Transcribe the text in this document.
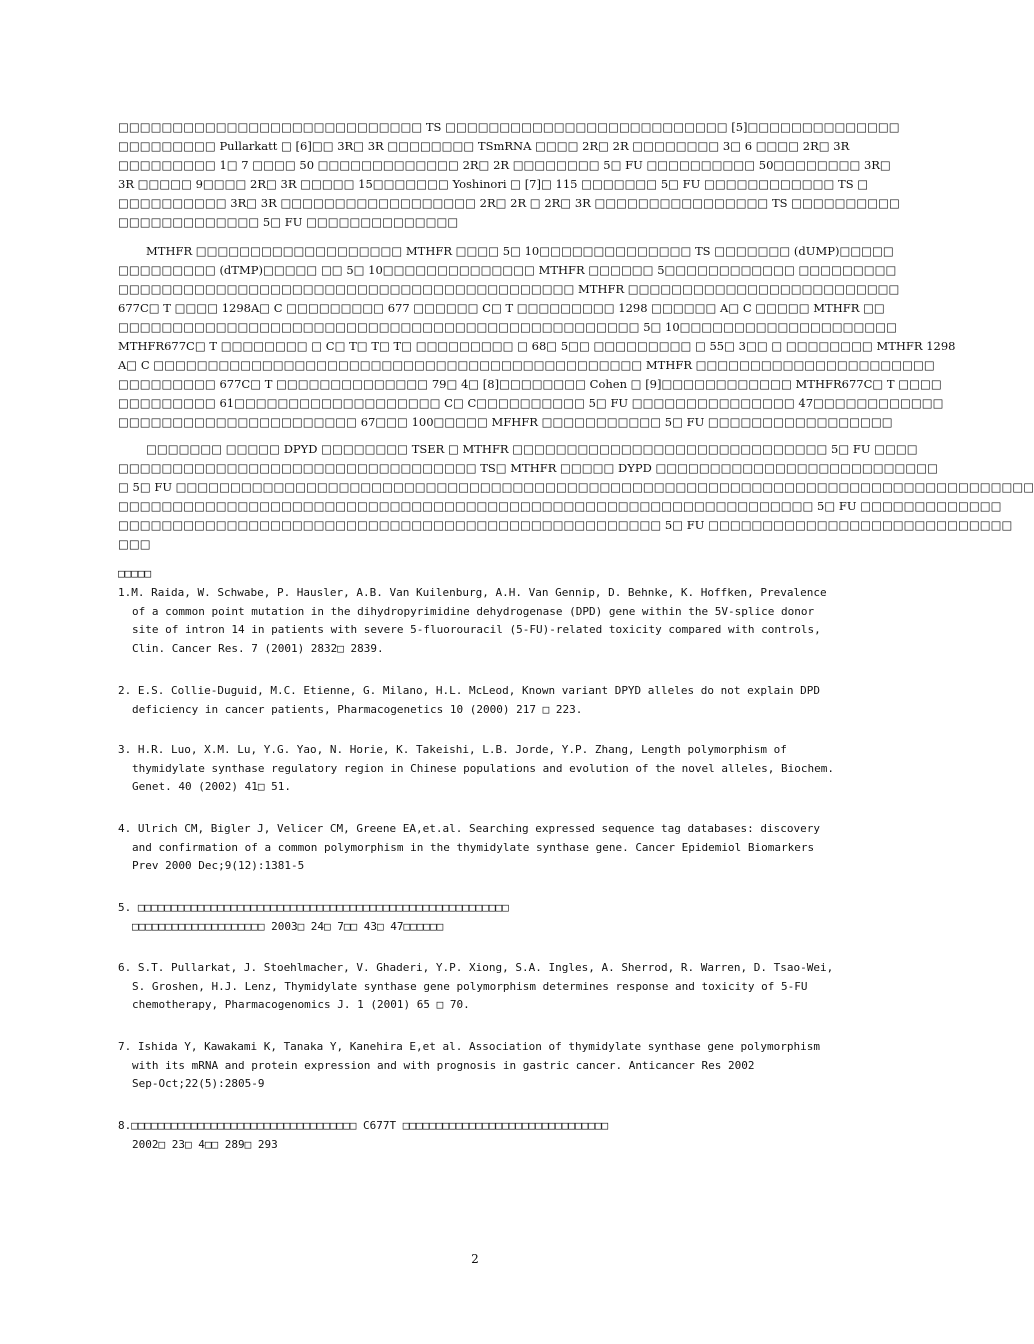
□□□□□□□□□□□□□□□□□□□□□□□□□□□□ TS □□□□□□□□□□□□□□□□□□□□□□□□□□ [5]□□□□□□□□□□□□□□
□□□□□□□□□ Pullarkatt □ [6]□□ 3R□ 3R □□□□□□□□ TSmRNA □□□□ 2R□ 2R □□□□□□□□ 3□ 6 □□□□ 2R□ 3R
□□□□□□□□□ 1□ 7 □□□□ 50 □□□□□□□□□□□□□ 2R□ 2R □□□□□□□□ 5□ FU □□□□□□□□□□ 50□□□□□□□□ 3R□
3R □□□□□ 9□□□□ 2R□ 3R □□□□□ 15□□□□□□□ Yoshinori □ [7]□ 115 □□□□□□□ 5□ FU □□□□□□□□□□□□ TS □
□□□□□□□□□□ 3R□ 3R □□□□□□□□□□□□□□□□□□ 2R□ 2R □ 2R□ 3R □□□□□□□□□□□□□□□□ TS □□□□□□□□□□
□□□□□□□□□□□□□ 5□ FU □□□□□□□□□□□□□□
MTHFR □□□□□□□□□□□□□□□□□□□ MTHFR □□□□ 5□ 10□□□□□□□□□□□□□□ TS □□□□□□□ (dUMP)□□□□□
□□□□□□□□□ (dTMP)□□□□□ □□ 5□ 10□□□□□□□□□□□□□□ MTHFR □□□□□□ 5□□□□□□□□□□□□ □□□□□□□□□
□□□□□□□□□□□□□□□□□□□□□□□□□□□□□□□□□□□□□□□□□□ MTHFR □□□□□□□□□□□□□□□□□□□□□□□□□
677C□ T □□□□ 1298A□ C □□□□□□□□□ 677 □□□□□□ C□ T □□□□□□□□□ 1298 □□□□□□ A□ C □□□□□ MTHFR □□
□□□□□□□□□□□□□□□□□□□□□□□□□□□□□□□□□□□□□□□□□□□□□□□□ 5□ 10□□□□□□□□□□□□□□□□□□□□
MTHFR677C□ T □□□□□□□□ □ C□ T□ T□ T□ □□□□□□□□□ □ 68□ 5□□ □□□□□□□□□ □ 55□ 3□□ □ □□□□□□□□ MTHFR 1298
A□ C □□□□□□□□□□□□□□□□□□□□□□□□□□□□□□□□□□□□□□□□□□□□□ MTHFR □□□□□□□□□□□□□□□□□□□□□□
□□□□□□□□□ 677C□ T □□□□□□□□□□□□□□ 79□ 4□ [8]□□□□□□□□ Cohen □ [9]□□□□□□□□□□□□ MTHFR677C□ T □□□□
□□□□□□□□□ 61□□□□□□□□□□□□□□□□□□□ C□ C□□□□□□□□□□ 5□ FU □□□□□□□□□□□□□□□ 47□□□□□□□□□□□□
□□□□□□□□□□□□□□□□□□□□□□ 67□□□ 100□□□□□ MFHFR □□□□□□□□□□□ 5□ FU □□□□□□□□□□□□□□□□□
□□□□□□□ □□□□□ DPYD □□□□□□□□ TSER □ MTHFR □□□□□□□□□□□□□□□□□□□□□□□□□□□□□ 5□ FU □□□□
□□□□□□□□□□□□□□□□□□□□□□□□□□□□□□□□□ TS□ MTHFR □□□□□ DYPD □□□□□□□□□□□□□□□□□□□□□□□□□□
□ 5□ FU □□□□□□□□□□□□□□□□□□□□□□□□□□□□□□□□□□□□□□□□□□□□□□□□□□□□□□□□□□□□□□□□□□□□□□□□□□□□□□□
□□□□□□□□□□□□□□□□□□□□□□□□□□□□□□□□□□□□□□□□□□□□□□□□□□□□□□□□□□□□□□□□ 5□ FU □□□□□□□□□□□□□
□□□□□□□□□□□□□□□□□□□□□□□□□□□□□□□□□□□□□□□□□□□□□□□□□□ 5□ FU □□□□□□□□□□□□□□□□□□□□□□□□□□□□
□□□
□□□□□
1.M. Raida, W. Schwabe, P. Hausler, A.B. Van Kuilenburg, A.H. Van Gennip, D. Behnke, K. Hoffken, Prevalence
of a common point mutation in the dihydropyrimidine dehydrogenase (DPD) gene within the 5V-splice donor
site of intron 14 in patients with severe 5-fluorouracil (5-FU)-related toxicity compared with controls,
Clin. Cancer Res. 7 (2001) 2832□ 2839.
2. E.S. Collie-Duguid, M.C. Etienne, G. Milano, H.L. McLeod, Known variant DPYD alleles do not explain DPD
deficiency in cancer patients, Pharmacogenetics 10 (2000) 217 □ 223.
3. H.R. Luo, X.M. Lu, Y.G. Yao, N. Horie, K. Takeishi, L.B. Jorde, Y.P. Zhang, Length polymorphism of
thymidylate synthase regulatory region in Chinese populations and evolution of the novel alleles, Biochem.
Genet. 40 (2002) 41□ 51.
4. Ulrich CM, Bigler J, Velicer CM, Greene EA,et.al. Searching expressed sequence tag databases: discovery
and confirmation of a common polymorphism in the thymidylate synthase gene. Cancer Epidemiol Biomarkers
Prev 2000 Dec;9(12):1381-5
5. □□□□□□□□□□□□□□□□□□□□□□□□□□□□□□□□□□□□□□□□□□□□□□□□□□□□□□□□
□□□□□□□□□□□□□□□□□□□□ 2003□ 24□ 7□□ 43□ 47□□□□□□
6. S.T. Pullarkat, J. Stoehlmacher, V. Ghaderi, Y.P. Xiong, S.A. Ingles, A. Sherrod, R. Warren, D. Tsao-Wei,
S. Groshen, H.J. Lenz, Thymidylate synthase gene polymorphism determines response and toxicity of 5-FU
chemotherapy, Pharmacogenomics J. 1 (2001) 65 □ 70.
7. Ishida Y, Kawakami K, Tanaka Y, Kanehira E,et al. Association of thymidylate synthase gene polymorphism
with its mRNA and protein expression and with prognosis in gastric cancer. Anticancer Res 2002
Sep-Oct;22(5):2805-9
8.□□□□□□□□□□□□□□□□□□□□□□□□□□□□□□□□□□ C677T □□□□□□□□□□□□□□□□□□□□□□□□□□□□□□□
2002□ 23□ 4□□ 289□ 293
2
